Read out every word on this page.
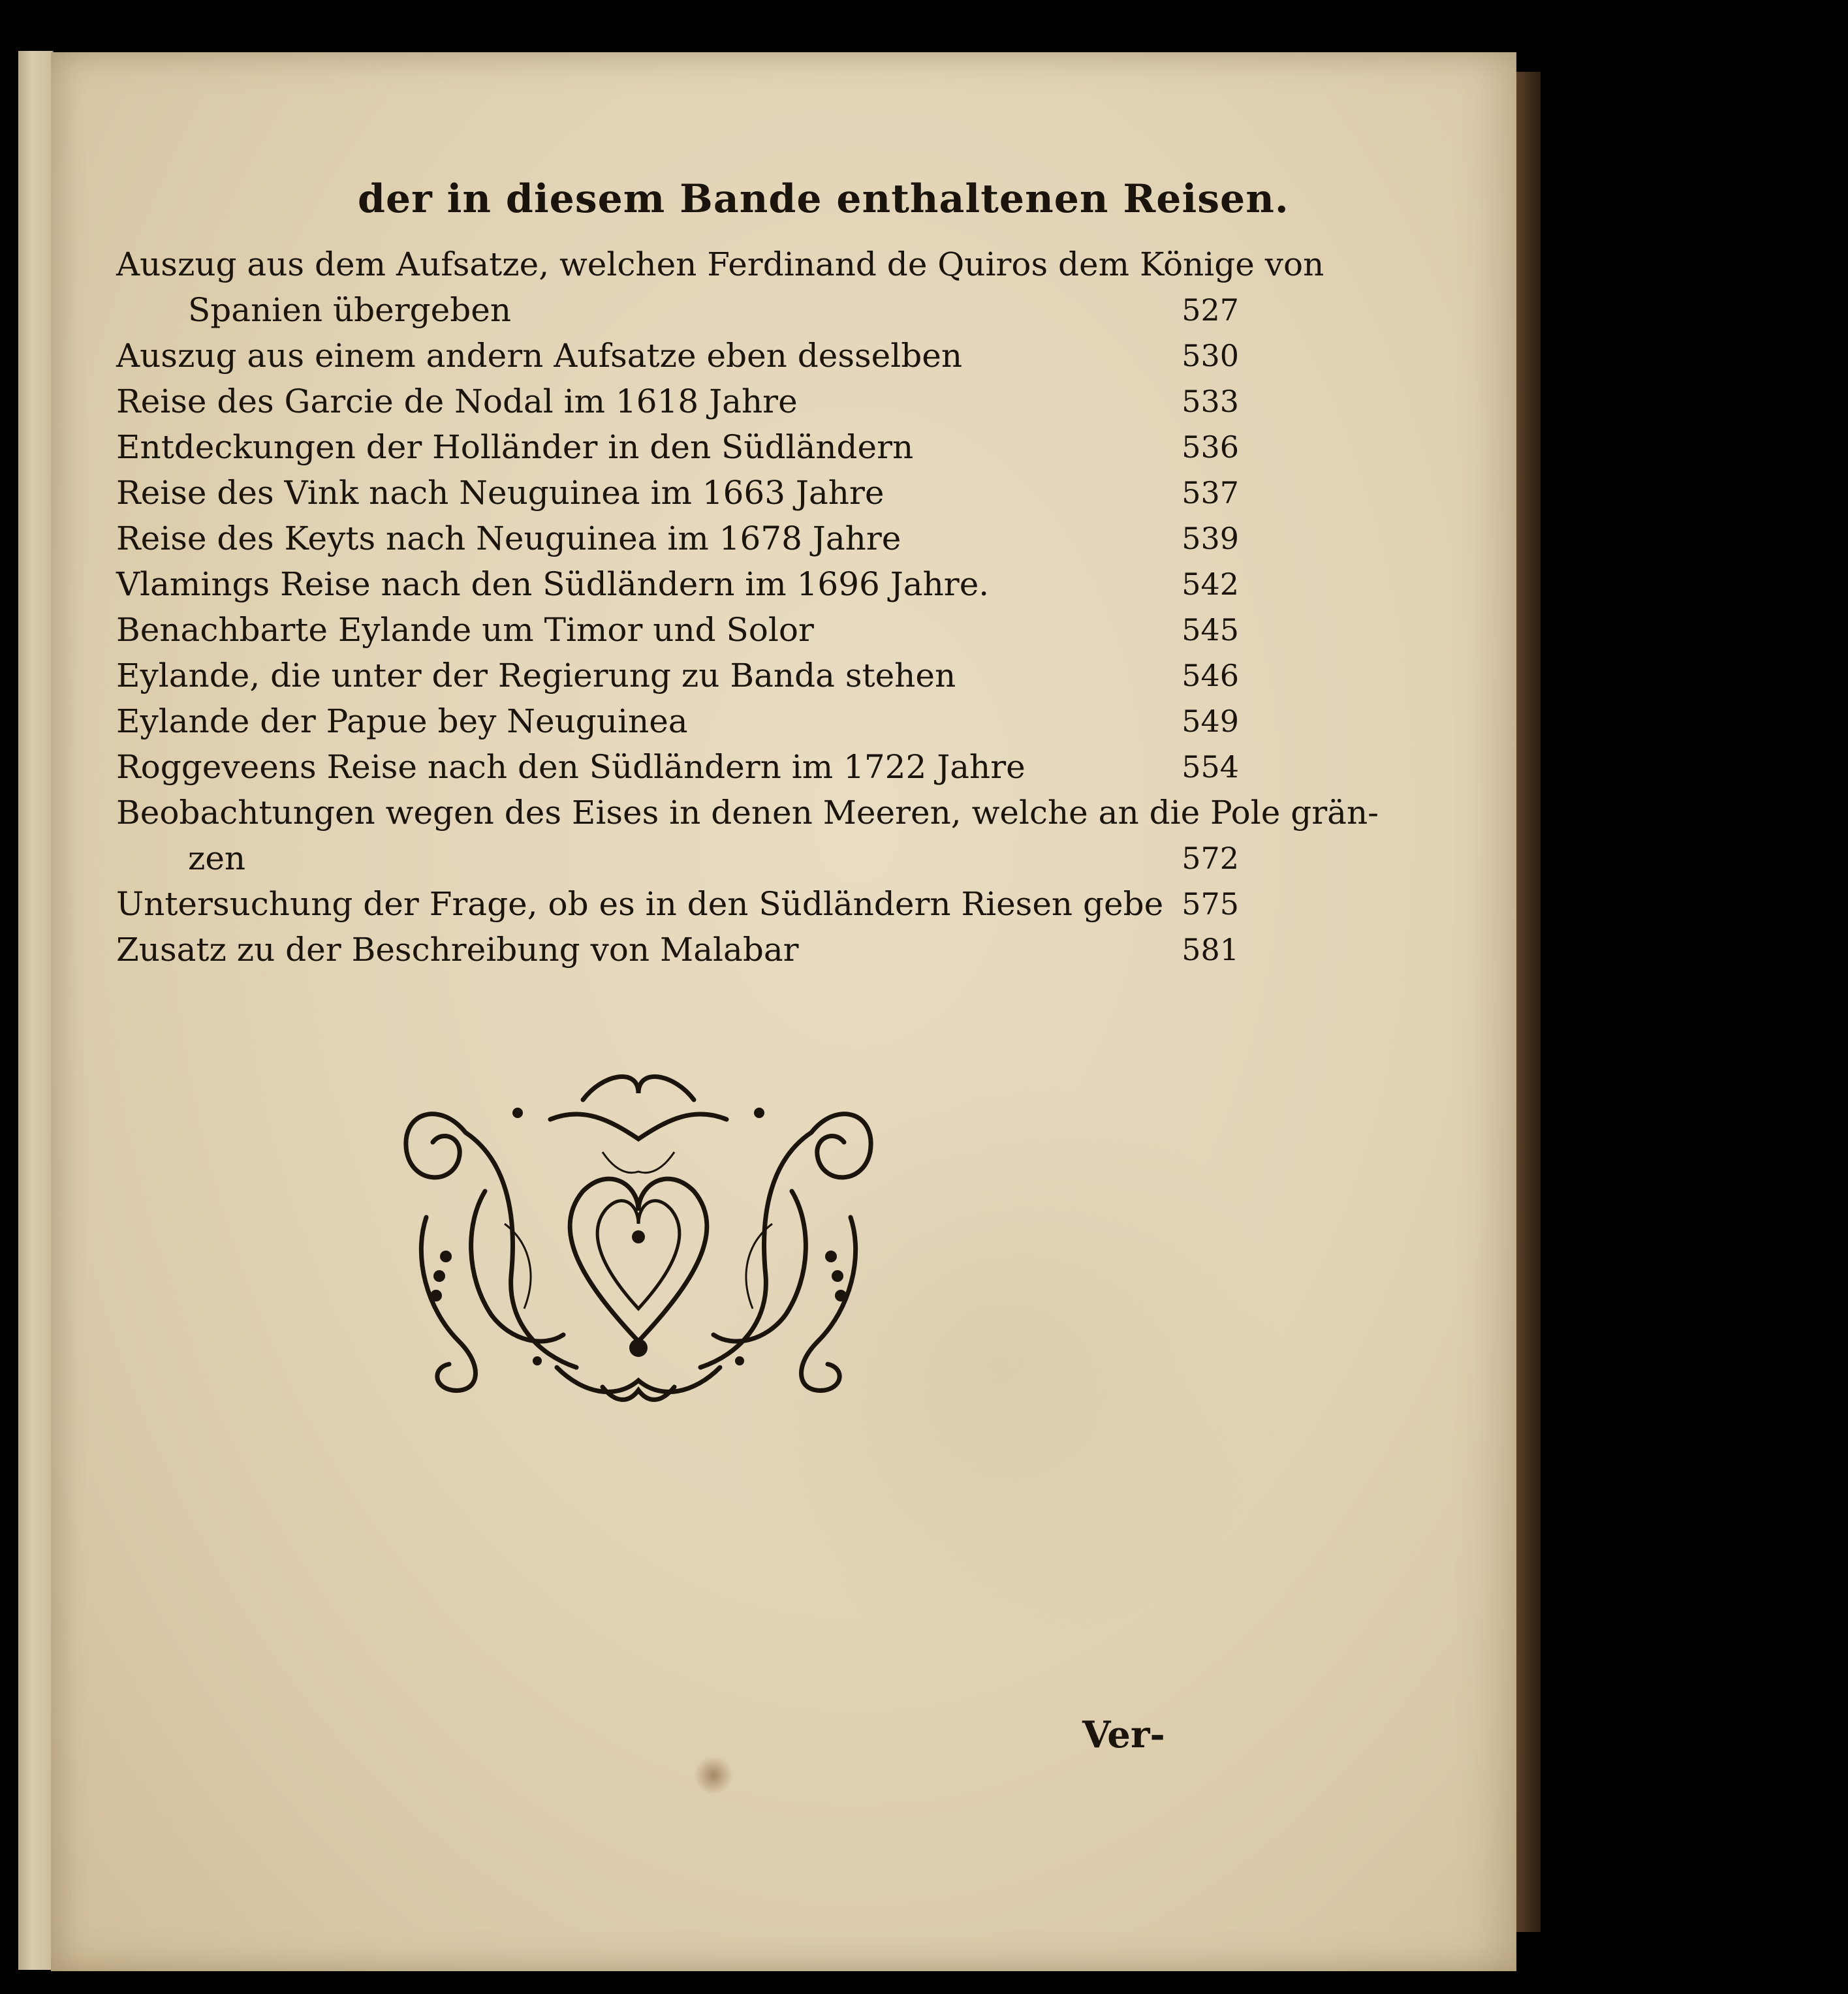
der in diesem Bande enthaltenen Reisen.
Auszug aus dem Aufsatze, welchen Ferdinand de Quiros dem Könige von
Spanien übergeben	527
Auszug aus einem andern Aufsatze eben desselben	530
Reise des Garcie de Nodal im 1618 Jahre	533
Entdeckungen der Holländer in den Südländern	536
Reise des Vink nach Neuguinea im 1663 Jahre	537
Reise des Keyts nach Neuguinea im 1678 Jahre	539
Vlamings Reise nach den Südländern im 1696 Jahre.	542
Benachbarte Eylande um Timor und Solor	545
Eylande, die unter der Regierung zu Banda stehen	546
Eylande der Papue bey Neuguinea	549
Roggeveens Reise nach den Südländern im 1722 Jahre	554
Beobachtungen wegen des Eises in denen Meeren, welche an die Pole grän-
zen	572
Untersuchung der Frage, ob es in den Südländern Riesen gebe 575
Zusatz zu der Beschreibung von Malabar	581
Ver-
